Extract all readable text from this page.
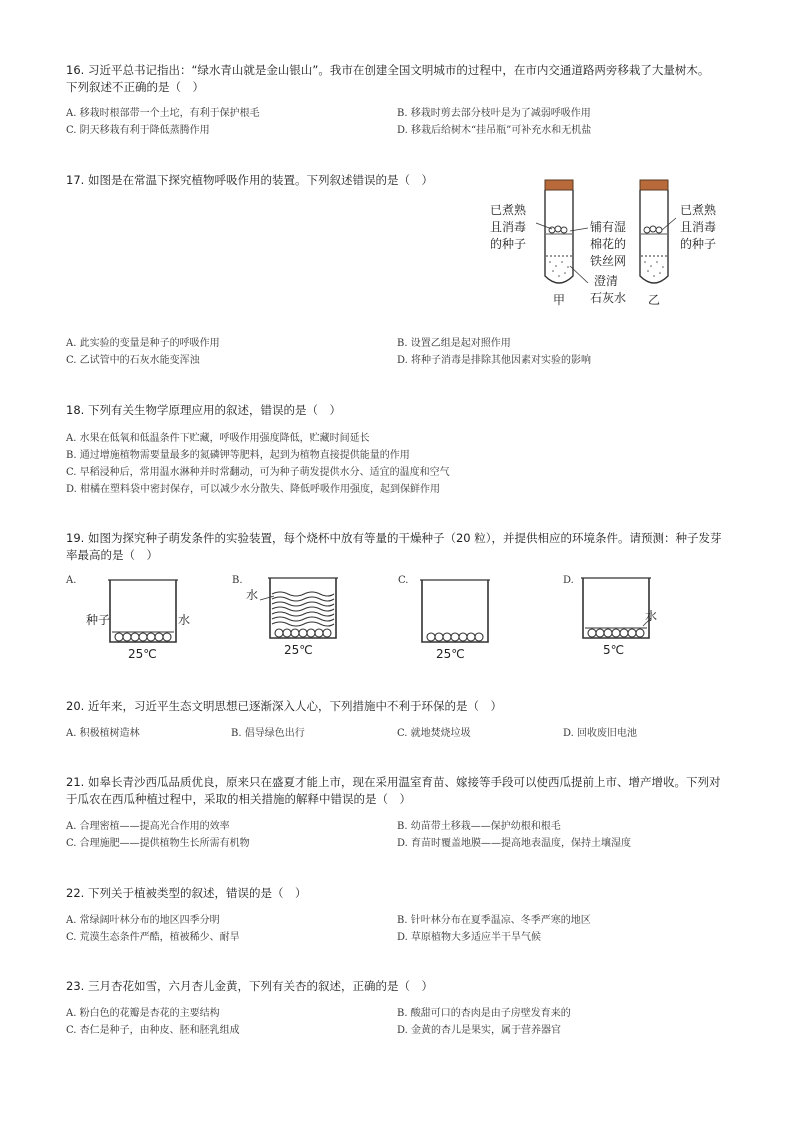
16. 习近平总书记指出：“绿水青山就是金山银山”。我市在创建全国文明城市的过程中，在市内交通道路两旁移栽了大量树木。
下列叙述不正确的是（　）
A. 移栽时根部带一个土坨，有利于保护根毛	B. 移栽时剪去部分枝叶是为了减弱呼吸作用
C. 阴天移栽有利于降低蒸腾作用	D. 移栽后给树木“挂吊瓶”可补充水和无机盐
17. 如图是在常温下探究植物呼吸作用的装置。下列叙述错误的是（　）
已煮熟
且消毒
的种子
铺有湿
棉花的
铁丝网
澄清
石灰水
已煮熟
且消毒
的种子
甲	乙
A. 此实验的变量是种子的呼吸作用	B. 设置乙组是起对照作用
C. 乙试管中的石灰水能变浑浊	D. 将种子消毒是排除其他因素对实验的影响
18. 下列有关生物学原理应用的叙述，错误的是（　）
A. 水果在低氧和低温条件下贮藏，呼吸作用强度降低，贮藏时间延长
B. 通过增施植物需要量最多的氮磷钾等肥料，起到为植物直接提供能量的作用
C. 早稻浸种后，常用温水淋种并时常翻动，可为种子萌发提供水分、适宜的温度和空气
D. 柑橘在塑料袋中密封保存，可以减少水分散失、降低呼吸作用强度，起到保鲜作用
19. 如图为探究种子萌发条件的实验装置，每个烧杯中放有等量的干燥种子（20 粒），并提供相应的环境条件。请预测：种子发芽
率最高的是（　）
A.
种子	水
25℃
B.
水
25℃
C.
25℃
D.
水
5℃
20. 近年来，习近平生态文明思想已逐渐深入人心，下列措施中不利于环保的是（　）
A. 积极植树造林	B. 倡导绿色出行	C. 就地焚烧垃圾	D. 回收废旧电池
21. 如皋长青沙西瓜品质优良，原来只在盛夏才能上市，现在采用温室育苗、嫁接等手段可以使西瓜提前上市、增产增收。下列对
于瓜农在西瓜种植过程中，采取的相关措施的解释中错误的是（　）
A. 合理密植——提高光合作用的效率	B. 幼苗带土移栽——保护幼根和根毛
C. 合理施肥——提供植物生长所需有机物	D. 育苗时覆盖地膜——提高地表温度，保持土壤湿度
22. 下列关于植被类型的叙述，错误的是（　）
A. 常绿阔叶林分布的地区四季分明	B. 针叶林分布在夏季温凉、冬季严寒的地区
C. 荒漠生态条件严酷，植被稀少、耐旱	D. 草原植物大多适应半干旱气候
23. 三月杏花如雪，六月杏儿金黄，下列有关杏的叙述，正确的是（　）
A. 粉白色的花瓣是杏花的主要结构	B. 酸甜可口的杏肉是由子房壁发育来的
C. 杏仁是种子，由种皮、胚和胚乳组成	D. 金黄的杏儿是果实，属于营养器官
